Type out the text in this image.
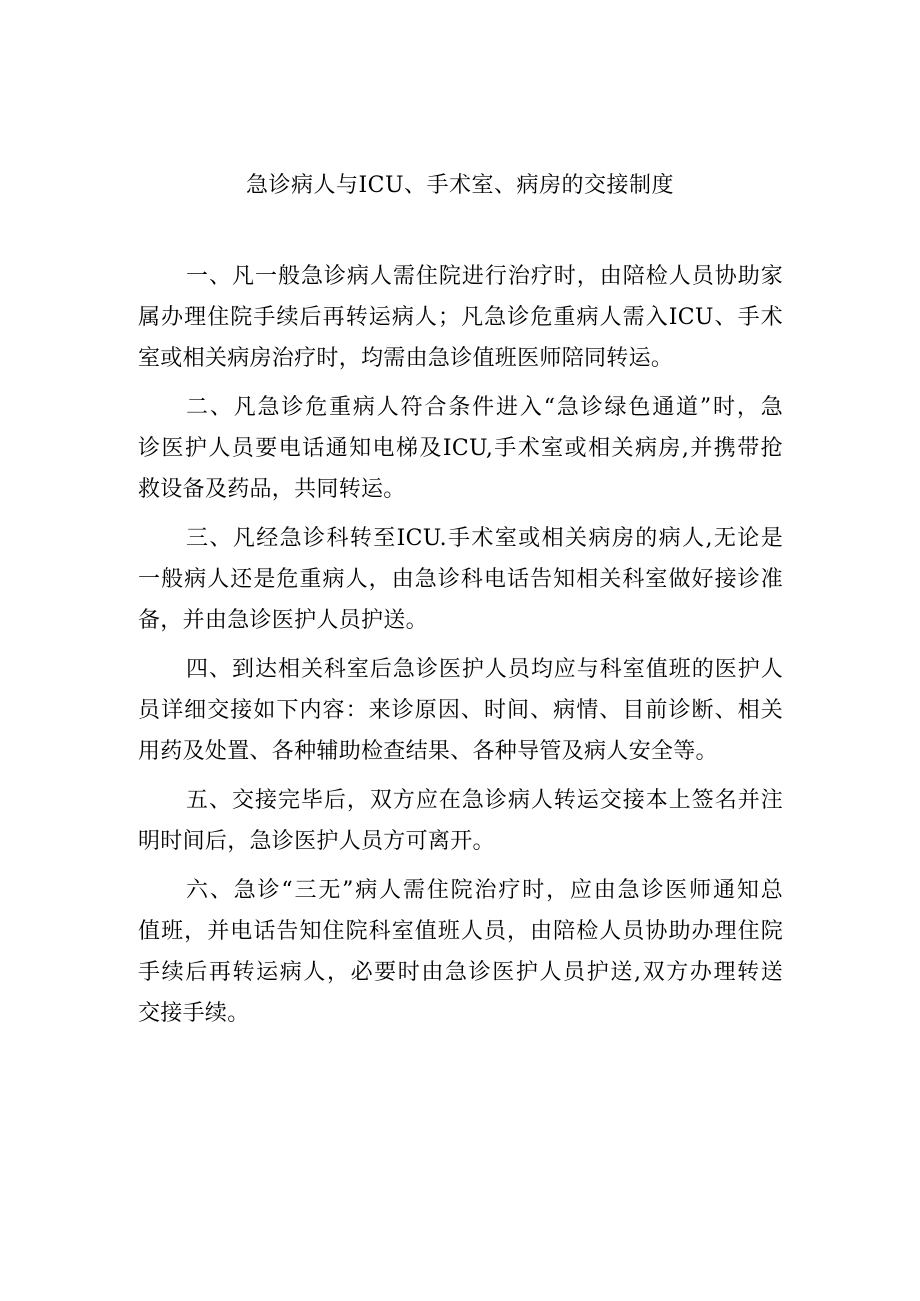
急诊病人与ICU、手术室、病房的交接制度

一、凡一般急诊病人需住院进行治疗时，由陪检人员协助家
属办理住院手续后再转运病人；凡急诊危重病人需入ICU、手术
室或相关病房治疗时，均需由急诊值班医师陪同转运。

二、凡急诊危重病人符合条件进入“急诊绿色通道”时，急
诊医护人员要电话通知电梯及ICU,手术室或相关病房,并携带抢
救设备及药品，共同转运。

三、凡经急诊科转至ICU.手术室或相关病房的病人,无论是
一般病人还是危重病人，由急诊科电话告知相关科室做好接诊准
备，并由急诊医护人员护送。

四、到达相关科室后急诊医护人员均应与科室值班的医护人
员详细交接如下内容：来诊原因、时间、病情、目前诊断、相关
用药及处置、各种辅助检查结果、各种导管及病人安全等。

五、交接完毕后，双方应在急诊病人转运交接本上签名并注
明时间后，急诊医护人员方可离开。

六、急诊“三无”病人需住院治疗时，应由急诊医师通知总
值班，并电话告知住院科室值班人员，由陪检人员协助办理住院
手续后再转运病人，必要时由急诊医护人员护送,双方办理转送
交接手续。
